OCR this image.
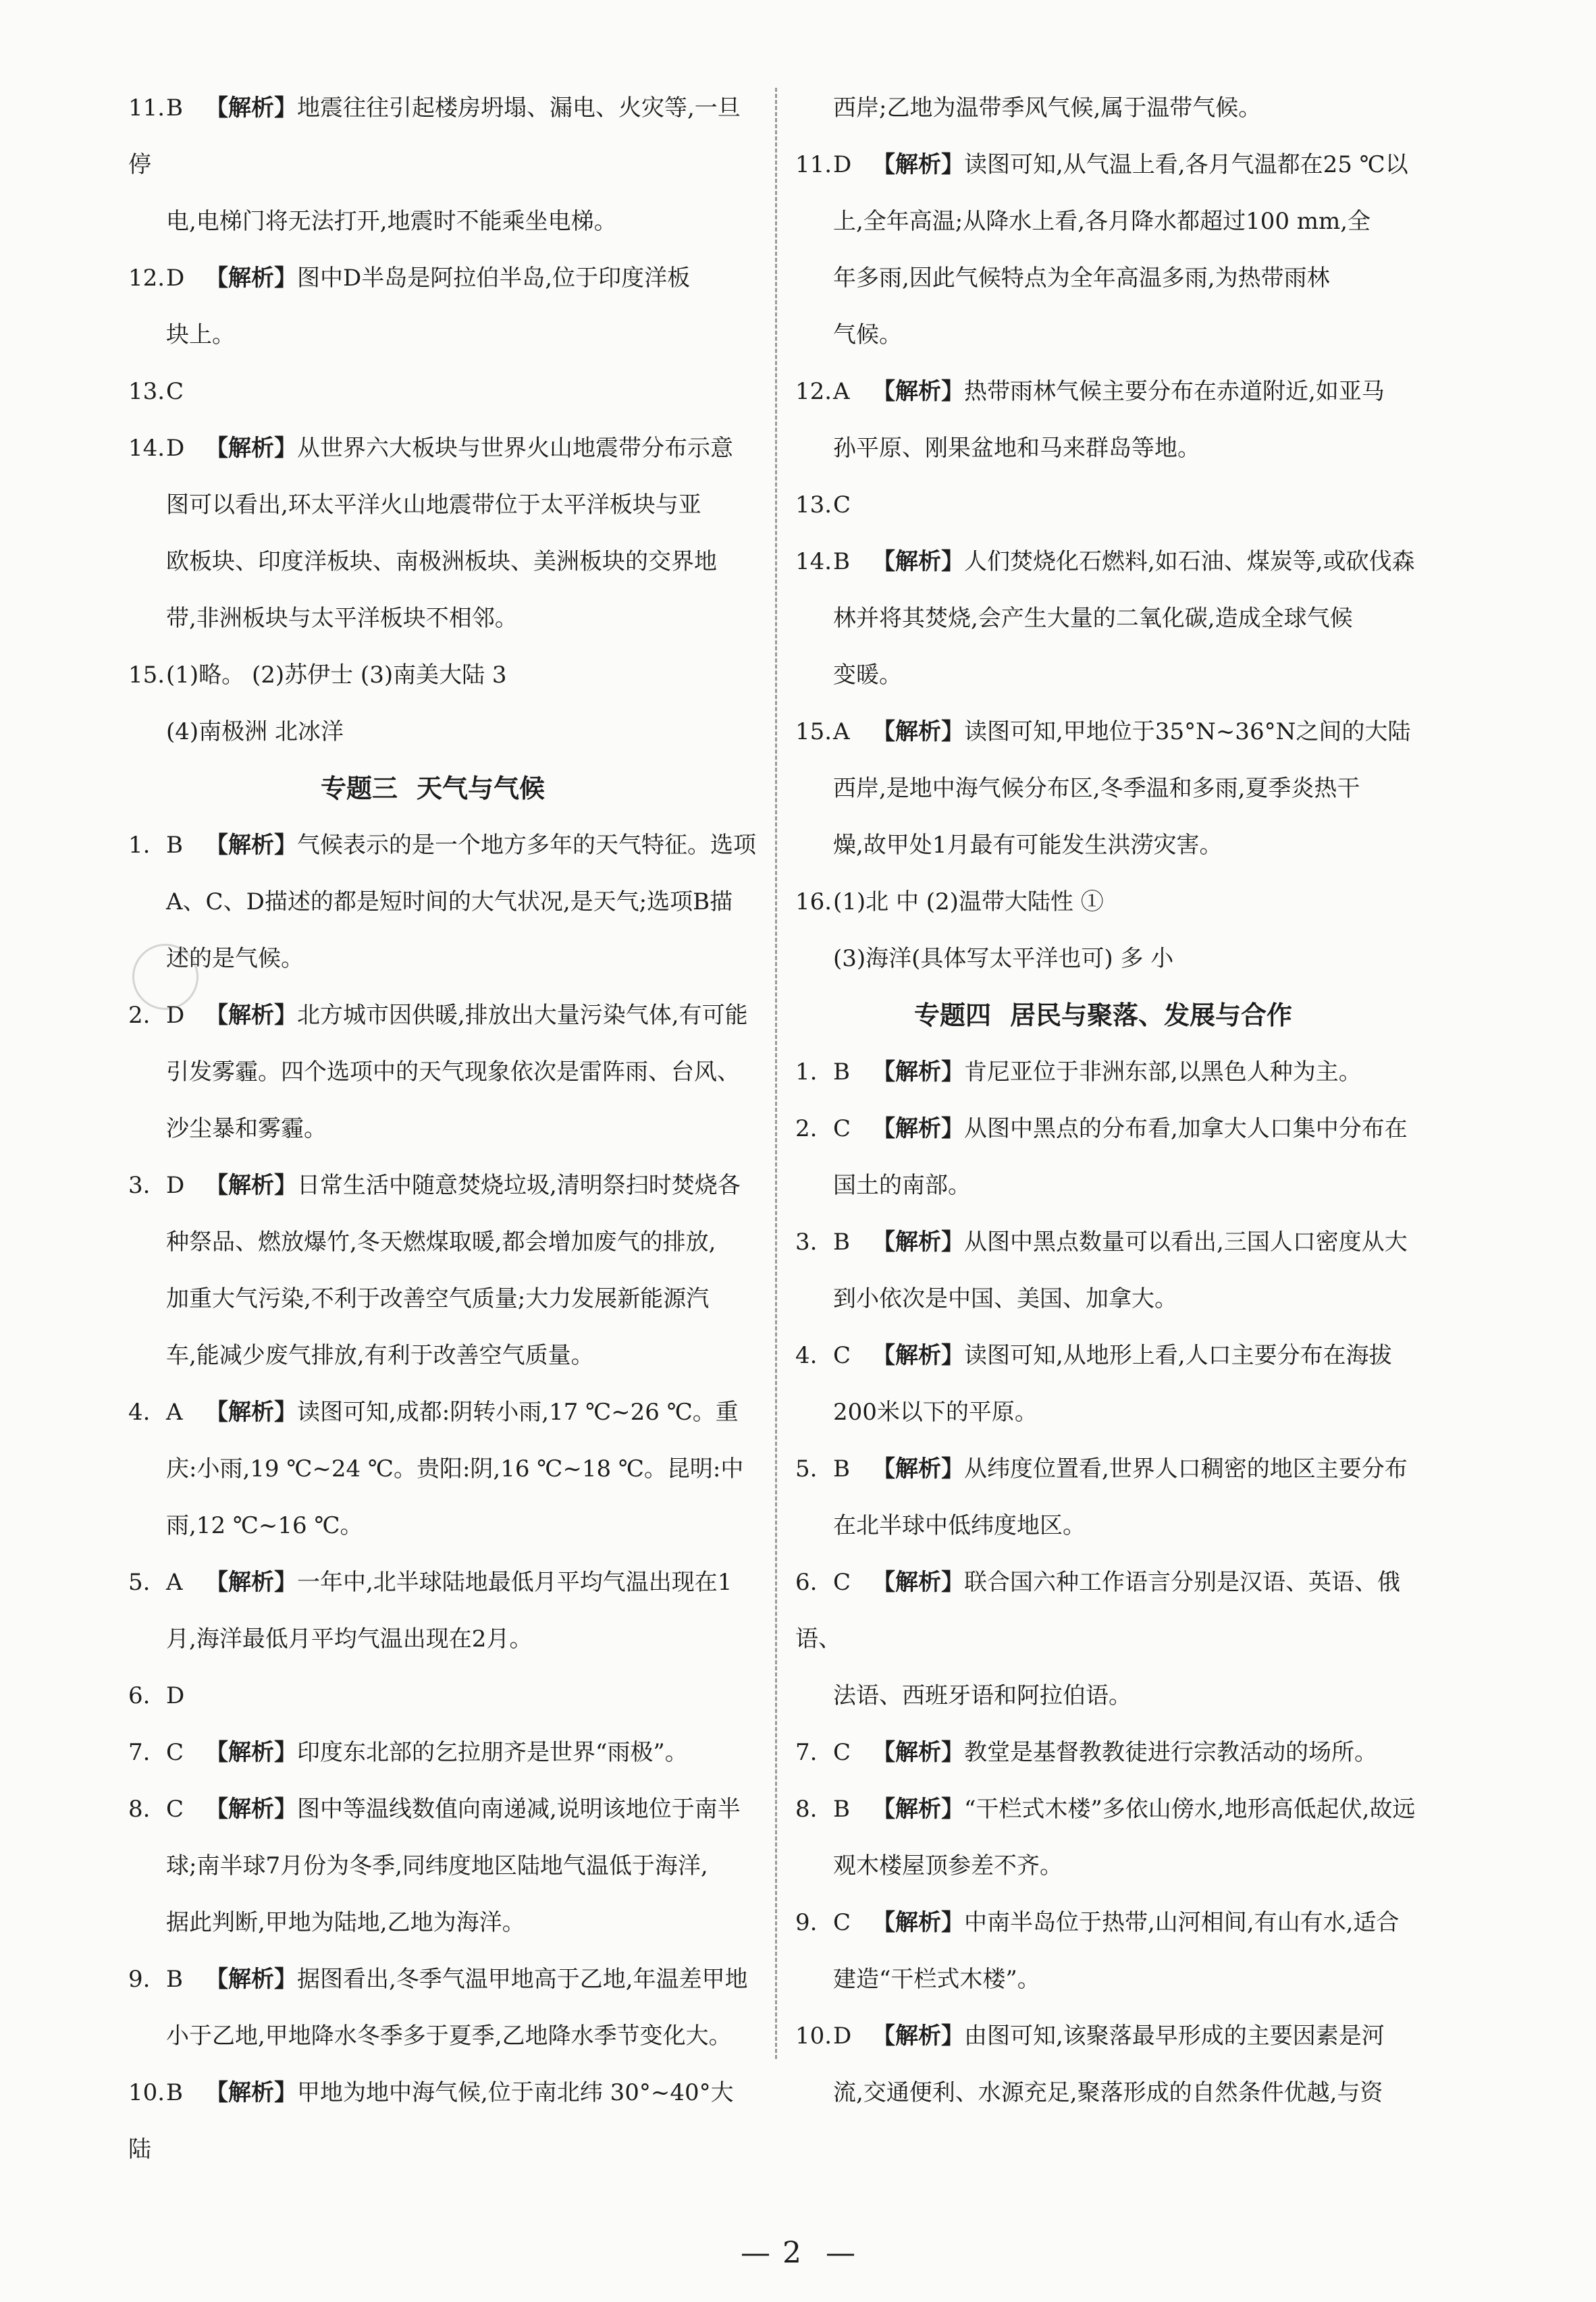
11.B 【解析】地震往往引起楼房坍塌、漏电、火灾等,一旦停
电,电梯门将无法打开,地震时不能乘坐电梯。
12.D 【解析】图中D半岛是阿拉伯半岛,位于印度洋板
块上。
13.C
14.D 【解析】从世界六大板块与世界火山地震带分布示意
图可以看出,环太平洋火山地震带位于太平洋板块与亚
欧板块、印度洋板块、南极洲板块、美洲板块的交界地
带,非洲板块与太平洋板块不相邻。
15.(1)略。 (2)苏伊士 (3)南美大陆 3
(4)南极洲 北冰洋
专题三 天气与气候
1. B 【解析】气候表示的是一个地方多年的天气特征。选项
A、C、D描述的都是短时间的大气状况,是天气;选项B描
述的是气候。
2. D 【解析】北方城市因供暖,排放出大量污染气体,有可能
引发雾霾。四个选项中的天气现象依次是雷阵雨、台风、
沙尘暴和雾霾。
3. D 【解析】日常生活中随意焚烧垃圾,清明祭扫时焚烧各
种祭品、燃放爆竹,冬天燃煤取暖,都会增加废气的排放,
加重大气污染,不利于改善空气质量;大力发展新能源汽
车,能减少废气排放,有利于改善空气质量。
4. A 【解析】读图可知,成都:阴转小雨,17 ℃~26 ℃。重
庆:小雨,19 ℃~24 ℃。贵阳:阴,16 ℃~18 ℃。昆明:中
雨,12 ℃~16 ℃。
5. A 【解析】一年中,北半球陆地最低月平均气温出现在1
月,海洋最低月平均气温出现在2月。
6. D
7. C 【解析】印度东北部的乞拉朋齐是世界“雨极”。
8. C 【解析】图中等温线数值向南递减,说明该地位于南半
球;南半球7月份为冬季,同纬度地区陆地气温低于海洋,
据此判断,甲地为陆地,乙地为海洋。
9. B 【解析】据图看出,冬季气温甲地高于乙地,年温差甲地
小于乙地,甲地降水冬季多于夏季,乙地降水季节变化大。
10.B 【解析】甲地为地中海气候,位于南北纬 30°~40°大陆
西岸;乙地为温带季风气候,属于温带气候。
11.D 【解析】读图可知,从气温上看,各月气温都在25 ℃以
上,全年高温;从降水上看,各月降水都超过100 mm,全
年多雨,因此气候特点为全年高温多雨,为热带雨林
气候。
12.A 【解析】热带雨林气候主要分布在赤道附近,如亚马
孙平原、刚果盆地和马来群岛等地。
13.C
14.B 【解析】人们焚烧化石燃料,如石油、煤炭等,或砍伐森
林并将其焚烧,会产生大量的二氧化碳,造成全球气候
变暖。
15.A 【解析】读图可知,甲地位于35°N~36°N之间的大陆
西岸,是地中海气候分布区,冬季温和多雨,夏季炎热干
燥,故甲处1月最有可能发生洪涝灾害。
16.(1)北 中 (2)温带大陆性 ①
(3)海洋(具体写太平洋也可) 多 小
专题四 居民与聚落、发展与合作
1. B 【解析】肯尼亚位于非洲东部,以黑色人种为主。
2. C 【解析】从图中黑点的分布看,加拿大人口集中分布在
国土的南部。
3. B 【解析】从图中黑点数量可以看出,三国人口密度从大
到小依次是中国、美国、加拿大。
4. C 【解析】读图可知,从地形上看,人口主要分布在海拔
200米以下的平原。
5. B 【解析】从纬度位置看,世界人口稠密的地区主要分布
在北半球中低纬度地区。
6. C 【解析】联合国六种工作语言分别是汉语、英语、俄语、
法语、西班牙语和阿拉伯语。
7. C 【解析】教堂是基督教教徒进行宗教活动的场所。
8. B 【解析】“干栏式木楼”多依山傍水,地形高低起伏,故远
观木楼屋顶参差不齐。
9. C 【解析】中南半岛位于热带,山河相间,有山有水,适合
建造“干栏式木楼”。
10.D 【解析】由图可知,该聚落最早形成的主要因素是河
流,交通便利、水源充足,聚落形成的自然条件优越,与资
—2 —
